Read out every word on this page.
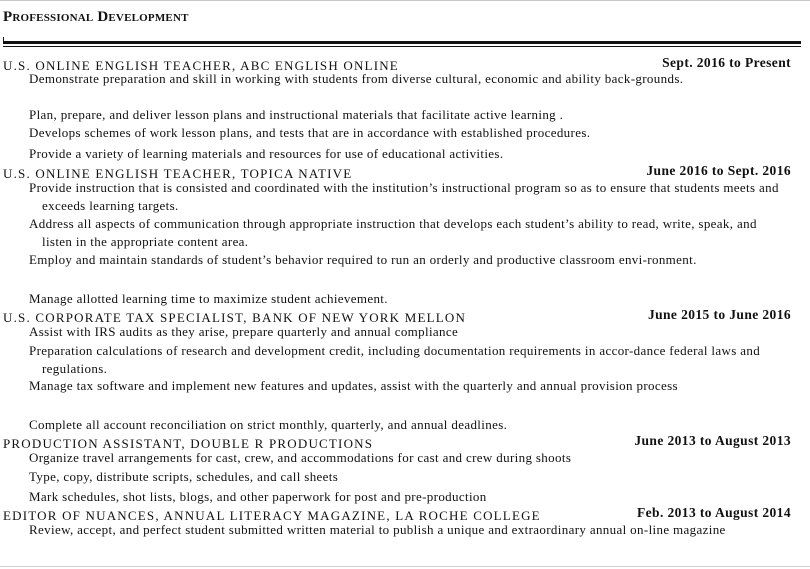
Professional Development
U.S. ONLINE ENGLISH TEACHER, ABC ENGLISH ONLINE	Sept. 2016 to Present
Demonstrate preparation and skill in working with students from diverse cultural, economic and ability back-grounds.
Plan, prepare, and deliver lesson plans and instructional materials that facilitate active learning .
Develops schemes of work lesson plans, and tests that are in accordance with established procedures.
Provide a variety of learning materials and resources for use of educational activities.
U.S. ONLINE ENGLISH TEACHER, TOPICA NATIVE	June 2016 to Sept. 2016
Provide instruction that is consisted and coordinated with the institution’s instructional program so as to ensure that students meets and exceeds learning targets.
Address all aspects of communication through appropriate instruction that develops each student’s ability to read, write, speak, and listen in the appropriate content area.
Employ and maintain standards of student’s behavior required to run an orderly and productive classroom envi-ronment.
Manage allotted learning time to maximize student achievement.
U.S. CORPORATE TAX SPECIALIST, BANK OF NEW YORK MELLON	June 2015 to June 2016
Assist with IRS audits as they arise, prepare quarterly and annual compliance
Preparation calculations of research and development credit, including documentation requirements in accor-dance federal laws and regulations.
Manage tax software and implement new features and updates, assist with the quarterly and annual provision process
Complete all account reconciliation on strict monthly, quarterly, and annual deadlines.
PRODUCTION ASSISTANT, DOUBLE R PRODUCTIONS	June 2013 to August 2013
Organize travel arrangements for cast, crew, and accommodations for cast and crew during shoots
Type, copy, distribute scripts, schedules, and call sheets
Mark schedules, shot lists, blogs, and other paperwork for post and pre-production
EDITOR OF NUANCES, ANNUAL LITERACY MAGAZINE, LA ROCHE COLLEGE	Feb. 2013 to August 2014
Review, accept, and perfect student submitted written material to publish a unique and extraordinary annual on-line magazine
